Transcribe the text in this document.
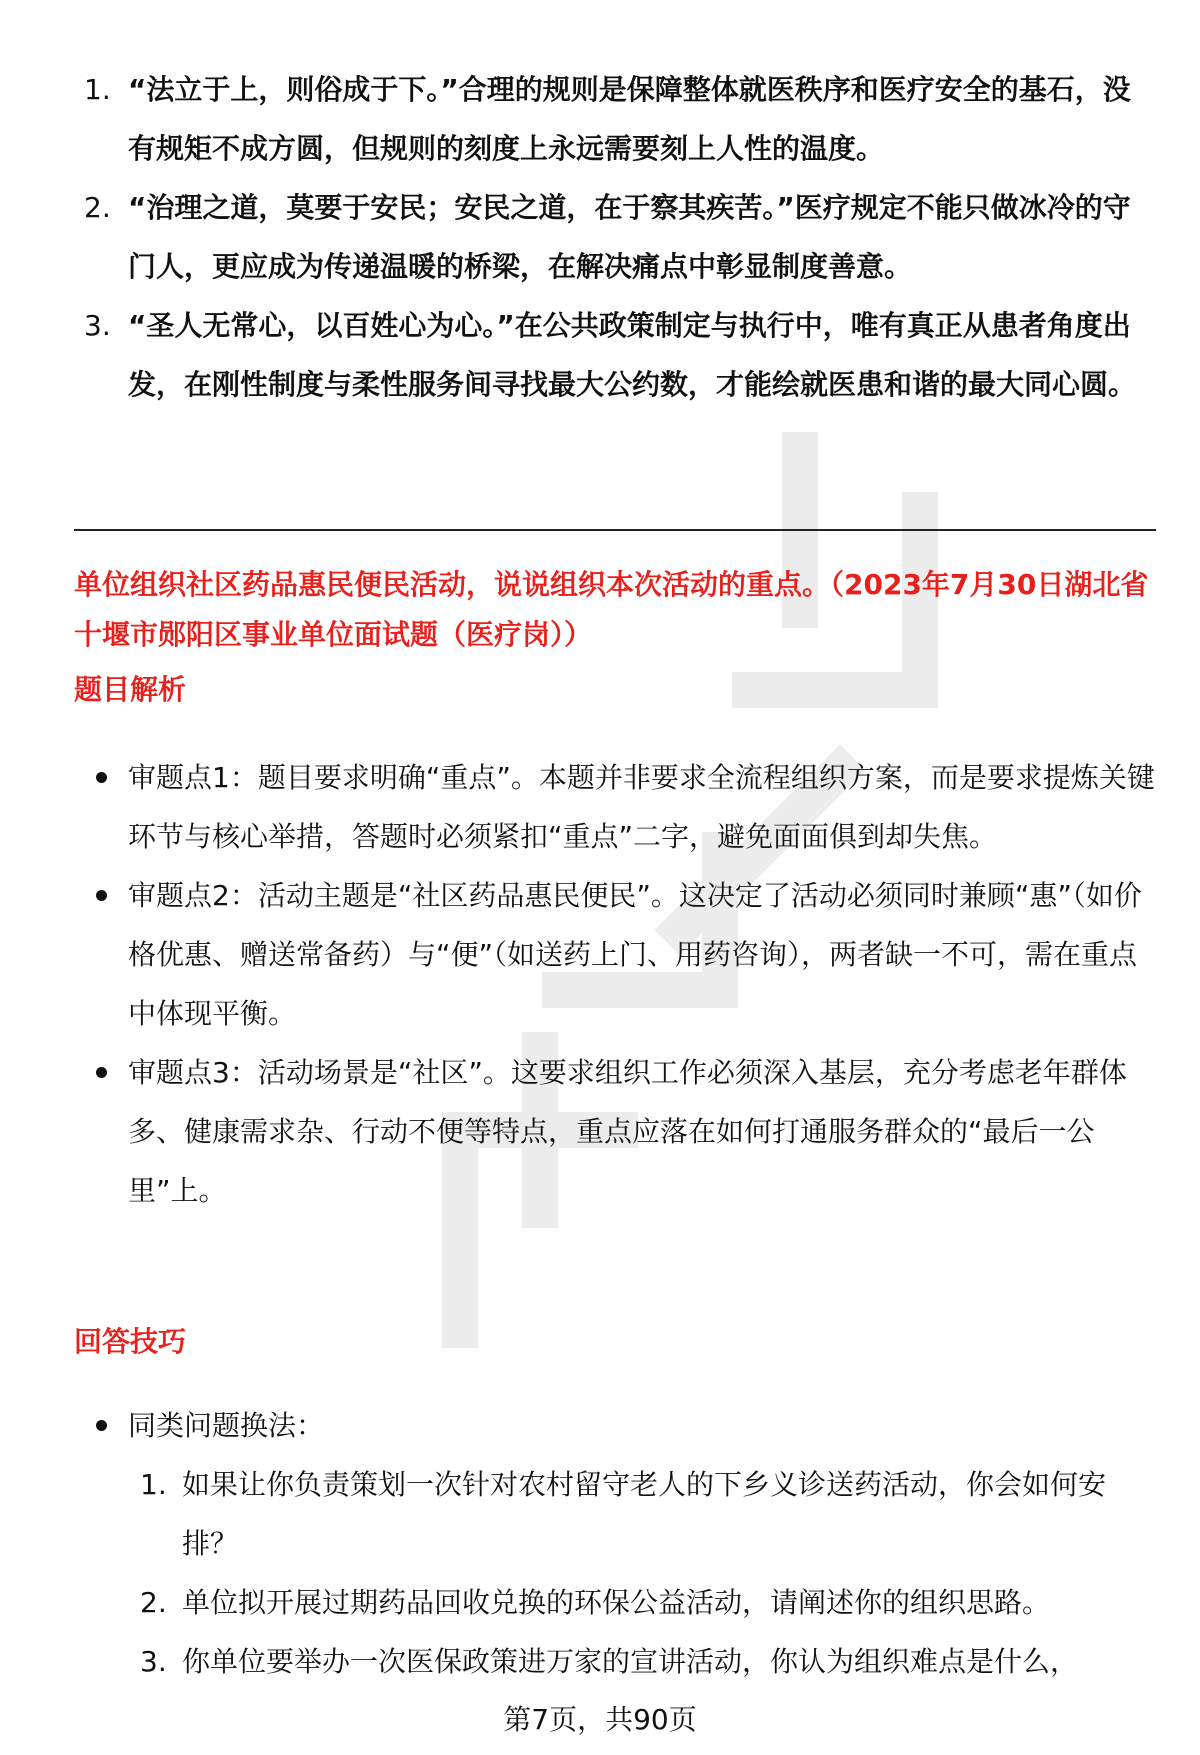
1. “法立于上，则俗成于下。”合理的规则是保障整体就医秩序和医疗安全的基石，没有规矩不成方圆，但规则的刻度上永远需要刻上人性的温度。
2. “治理之道，莫要于安民；安民之道，在于察其疾苦。”医疗规定不能只做冰冷的守门人，更应成为传递温暖的桥梁，在解决痛点中彰显制度善意。
3. “圣人无常心，以百姓心为心。”在公共政策制定与执行中，唯有真正从患者角度出发，在刚性制度与柔性服务间寻找最大公约数，才能绘就医患和谐的最大同心圆。
单位组织社区药品惠民便民活动，说说组织本次活动的重点。（2023年7月30日湖北省十堰市郧阳区事业单位面试题（医疗岗））
题目解析
审题点1：题目要求明确“重点”。本题并非要求全流程组织方案，而是要求提炼关键环节与核心举措，答题时必须紧扣“重点”二字，避免面面俱到却失焦。
审题点2：活动主题是“社区药品惠民便民”。这决定了活动必须同时兼顾“惠”（如价格优惠、赠送常备药）与“便”（如送药上门、用药咨询），两者缺一不可，需在重点中体现平衡。
审题点3：活动场景是“社区”。这要求组织工作必须深入基层，充分考虑老年群体多、健康需求杂、行动不便等特点，重点应落在如何打通服务群众的“最后一公里”上。
回答技巧
同类问题换法：
1. 如果让你负责策划一次针对农村留守老人的下乡义诊送药活动，你会如何安排？
2. 单位拟开展过期药品回收兑换的环保公益活动，请阐述你的组织思路。
3. 你单位要举办一次医保政策进万家的宣讲活动，你认为组织难点是什么，
第7页，共90页
